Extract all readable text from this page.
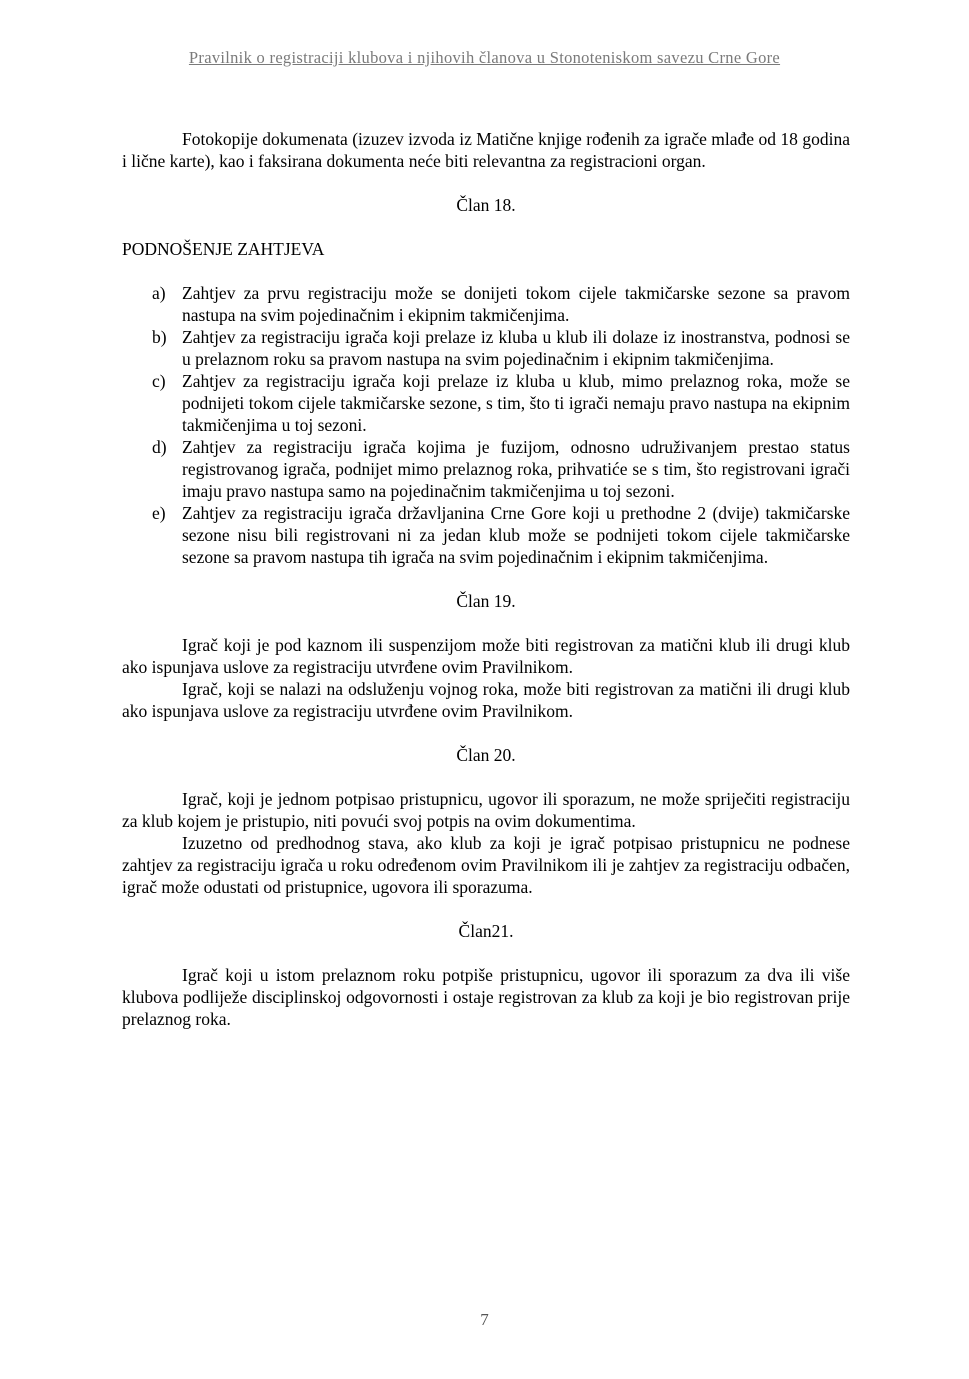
Pravilnik o registraciji klubova i njihovih članova u Stonoteniskom savezu Crne Gore

Fotokopije dokumenata (izuzev izvoda iz Matične knjige rođenih za igrače mlađe od 18 godina i lične karte), kao i faksirana dokumenta neće biti relevantna za registracioni organ.

Član 18.

PODNOŠENJE ZAHTJEVA

a) Zahtjev za prvu registraciju može se donijeti tokom cijele takmičarske sezone sa pravom nastupa na svim pojedinačnim i ekipnim takmičenjima.
b) Zahtjev za registraciju igrača koji prelaze iz kluba u klub ili dolaze iz inostranstva, podnosi se u prelaznom roku sa pravom nastupa na svim pojedinačnim i ekipnim takmičenjima.
c) Zahtjev za registraciju igrača koji prelaze iz kluba u klub, mimo prelaznog roka, može se podnijeti tokom cijele takmičarske sezone, s tim, što ti igrači nemaju pravo nastupa na ekipnim takmičenjima u toj sezoni.
d) Zahtjev za registraciju igrača kojima je fuzijom, odnosno udruživanjem prestao status registrovanog igrača, podnijet mimo prelaznog roka, prihvatiće se s tim, što registrovani igrači imaju pravo nastupa samo na pojedinačnim takmičenjima u toj sezoni.
e) Zahtjev za registraciju igrača državljanina Crne Gore koji u prethodne 2 (dvije) takmičarske sezone nisu bili registrovani ni za jedan klub može se podnijeti tokom cijele takmičarske sezone sa pravom nastupa tih igrača na svim pojedinačnim i ekipnim takmičenjima.

Član 19.

Igrač koji je pod kaznom ili suspenzijom može biti registrovan za matični klub ili drugi klub ako ispunjava uslove za registraciju utvrđene ovim Pravilnikom.

Igrač, koji se nalazi na odsluženju vojnog roka, može biti registrovan za matični ili drugi klub ako ispunjava uslove za registraciju utvrđene ovim Pravilnikom.

Član 20.

Igrač, koji je jednom potpisao pristupnicu, ugovor ili sporazum, ne može spriječiti registraciju za klub kojem je pristupio, niti povući svoj potpis na ovim dokumentima.

Izuzetno od predhodnog stava, ako klub za koji je igrač potpisao pristupnicu ne podnese zahtjev za registraciju igrača u roku određenom ovim Pravilnikom ili je zahtjev za registraciju odbačen, igrač može odustati od pristupnice, ugovora ili sporazuma.

Član21.

Igrač koji u istom prelaznom roku potpiše pristupnicu, ugovor ili sporazum za dva ili više klubova podliježe disciplinskoj odgovornosti i ostaje registrovan za klub za koji je bio registrovan prije prelaznog roka.

7
